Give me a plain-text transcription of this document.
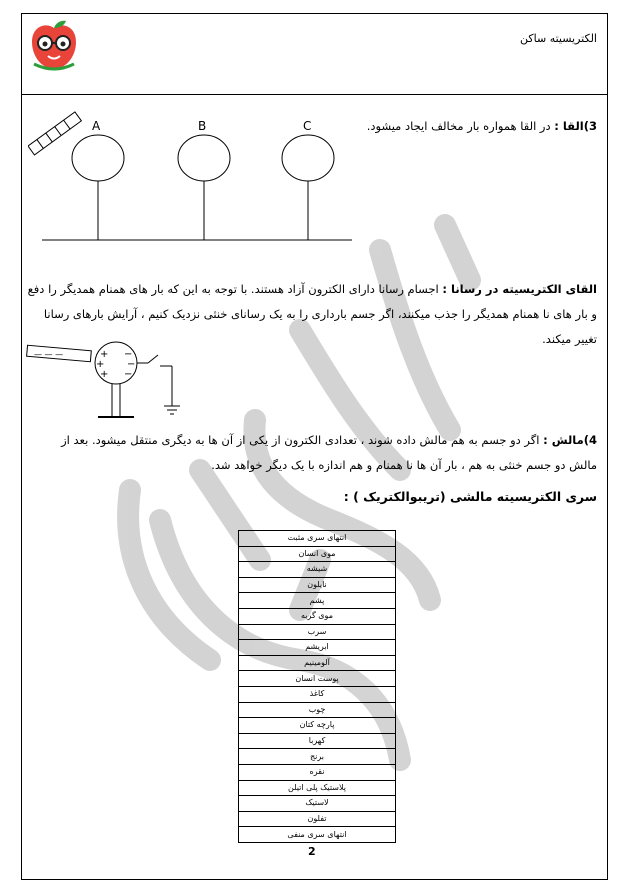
الکتریسیته ساکن
3)القا : در القا همواره بار مخالف ایجاد میشود.
A	B	C
القای الکتریسیته در رسانا : اجسام رسانا دارای الکترون آزاد هستند. با توجه به این که بار های همنام همدیگر را دفع و بار های نا همنام همدیگر را جذب میکنند، اگر جسم بارداری را به یک رسانای خنثی نزدیک کنیم ، آرایش بارهای رسانا تغییر میکند.
— — —	+
+
+
−
−
−
4)مالش : اگر دو جسم به هم مالش داده شوند ، تعدادی الکترون از یکی از آن ها به دیگری منتقل میشود. بعد از مالش دو جسم خنثی به هم ، بار آن ها نا همنام و هم اندازه با یک دیگر خواهد شد.
سری الکتریسیته مالشی (تریبوالکتریک ) :
انتهای سری مثبت
موی انسان
شیشه
نایلون
پشم
موی گربه
سرب
ابریشم
آلومینیم
پوست انسان
کاغذ
چوب
پارچه کتان
کهربا
برنج
نقره
پلاستیک پلی اتیلن
لاستیک
تفلون
انتهای سری منفی
2
